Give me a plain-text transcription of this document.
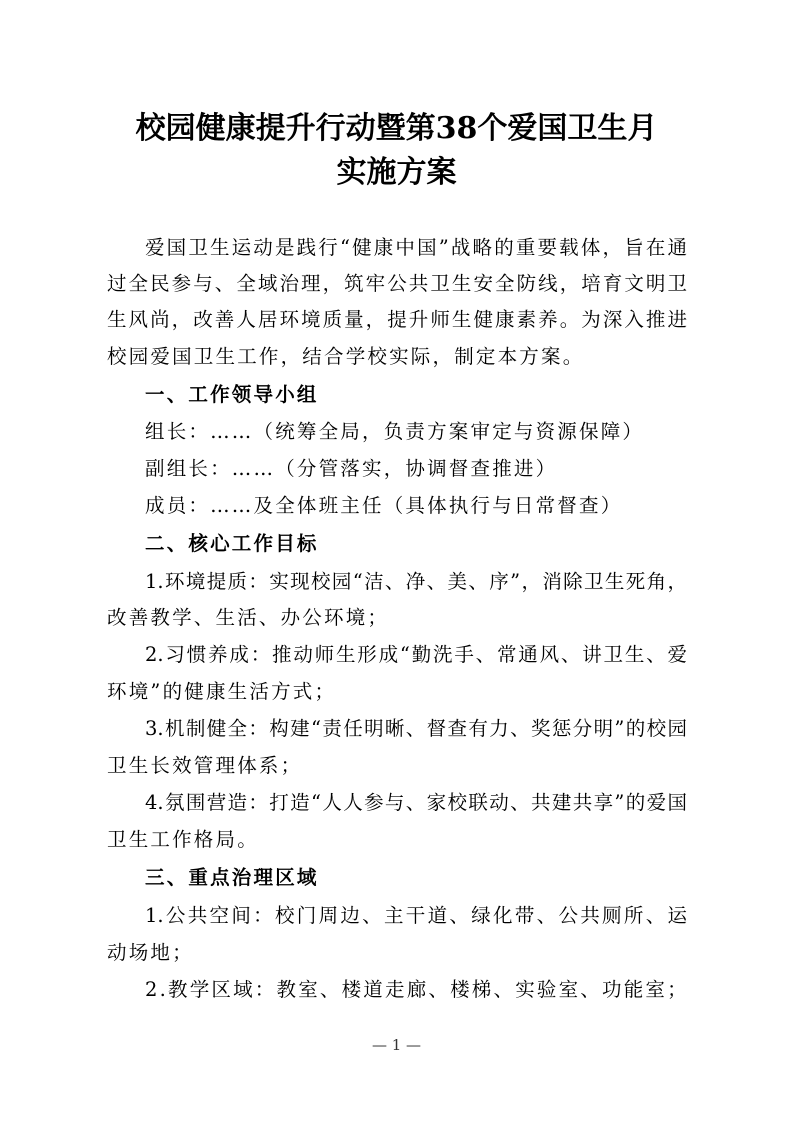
校园健康提升行动暨第38个爱国卫生月
实施方案
爱国卫生运动是践行“健康中国”战略的重要载体，旨在通
过全民参与、全域治理，筑牢公共卫生安全防线，培育文明卫
生风尚，改善人居环境质量，提升师生健康素养。为深入推进
校园爱国卫生工作，结合学校实际，制定本方案。
一、工作领导小组
组长：……（统筹全局，负责方案审定与资源保障）
副组长：……（分管落实，协调督查推进）
成员：……及全体班主任（具体执行与日常督查）
二、核心工作目标
1.环境提质：实现校园“洁、净、美、序”，消除卫生死角，
改善教学、生活、办公环境；
2.习惯养成：推动师生形成“勤洗手、常通风、讲卫生、爱
环境”的健康生活方式；
3.机制健全：构建“责任明晰、督查有力、奖惩分明”的校园
卫生长效管理体系；
4.氛围营造：打造“人人参与、家校联动、共建共享”的爱国
卫生工作格局。
三、重点治理区域
1.公共空间：校门周边、主干道、绿化带、公共厕所、运
动场地；
2.教学区域：教室、楼道走廊、楼梯、实验室、功能室；
— 1 —
